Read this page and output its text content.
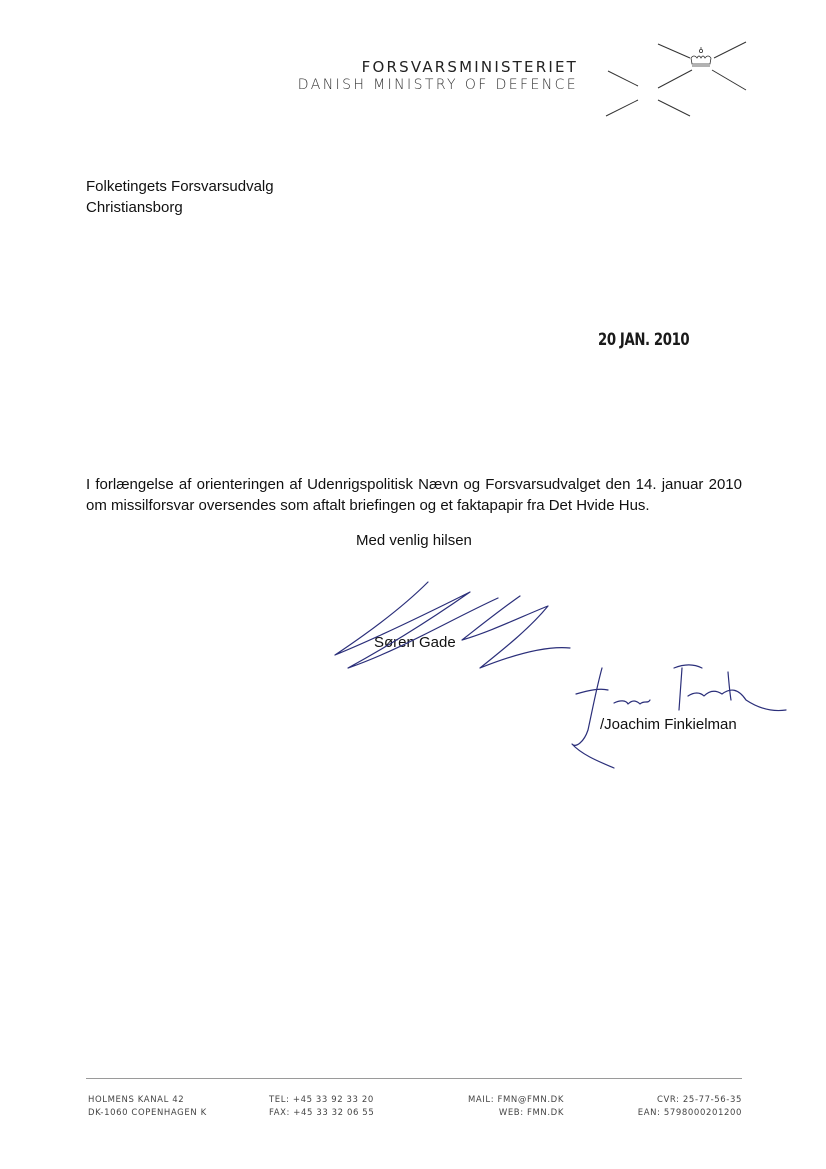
FORSVARSMINISTERIET
DANISH MINISTRY OF DEFENCE
Folketingets Forsvarsudvalg
Christiansborg
20 JAN. 2010
I forlængelse af orienteringen af Udenrigspolitisk Nævn og Forsvarsudvalget den 14. januar 2010 om missilforsvar oversendes som aftalt briefingen og et faktapapir fra Det Hvide Hus.
Med venlig hilsen
Søren Gade
/Joachim Finkielman
HOLMENS KANAL 42
DK-1060 COPENHAGEN K
TEL: +45 33 92 33 20
FAX: +45 33 32 06 55
MAIL: FMN@FMN.DK
WEB: FMN.DK
CVR: 25-77-56-35
EAN: 5798000201200
